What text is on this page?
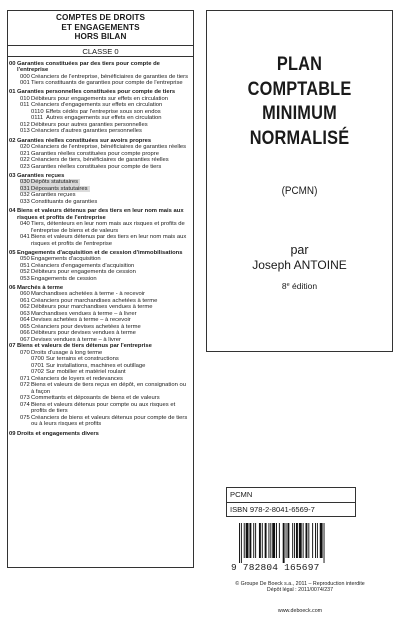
COMPTES DE DROITS
ET ENGAGEMENTS
HORS BILAN
CLASSE 0
00 Garanties constituées par des tiers pour compte de l'entreprise
000 Créanciers de l'entreprise, bénéficiaires de garanties de tiers
001 Tiers constituants de garanties pour compte de l'entreprise
01 Garanties personnelles constituées pour compte de tiers
010 Débiteurs pour engagements sur effets en circulation
011 Créanciers d'engagements sur effets en circulation
0110 Effets cédés par l'entreprise sous son endos
0111 Autres engagements sur effets en circulation
012 Débiteurs pour autres garanties personnelles
013 Créanciers d'autres garanties personnelles
02 Garanties réelles constituées sur avoirs propres
020 Créanciers de l'entreprise, bénéficiaires de garanties réelles
021 Garanties réelles constituées pour compte propre
022 Créanciers de tiers, bénéficiaires de garanties réelles
023 Garanties réelles constituées pour compte de tiers
03 Garanties reçues
030 Dépôts statutaires
031 Déposants statutaires
032 Garanties reçues
033 Constituants de garanties
04 Biens et valeurs détenus par des tiers en leur nom mais aux risques et profits de l'entreprise
040 Tiers, détenteurs en leur nom mais aux risques et profits de l'entreprise de biens et de valeurs
041 Biens et valeurs détenus par des tiers en leur nom mais aux risques et profits de l'entreprise
05 Engagements d'acquisition et de cession d'immobilisations
050 Engagements d'acquisition
051 Créanciers d'engagements d'acquisition
052 Débiteurs pour engagements de cession
053 Engagements de cession
06 Marchés à terme
060 Marchandises achetées à terme - à recevoir
061 Créanciers pour marchandises achetées à terme
062 Débiteurs pour marchandises vendues à terme
063 Marchandises vendues à terme – à livrer
064 Devises achetées à terme – à recevoir
065 Créanciers pour devises achetées à terme
066 Débiteurs pour devises vendues à terme
067 Devises vendues à terme – à livrer
07 Biens et valeurs de tiers détenus par l'entreprise
070 Droits d'usage à long terme
0700 Sur terrains et constructions
0701 Sur installations, machines et outillage
0702 Sur mobilier et matériel roulant
071 Créanciers de loyers et redevances
072 Biens et valeurs de tiers reçus en dépôt, en consignation ou à façon
073 Commettants et déposants de biens et de valeurs
074 Biens et valeurs détenus pour compte ou aux risques et profits de tiers
075 Créanciers de biens et valeurs détenus pour compte de tiers ou à leurs risques et profits
09 Droits et engagements divers
PLAN
COMPTABLE
MINIMUM
NORMALISÉ
(PCMN)
par
Joseph ANTOINE
8e édition
PCMN
ISBN 978-2-8041-6569-7
9 782804 165697
© Groupe De Boeck s.a., 2011 – Reproduction interdite
Dépôt légal : 2011/0074/237
www.deboeck.com
